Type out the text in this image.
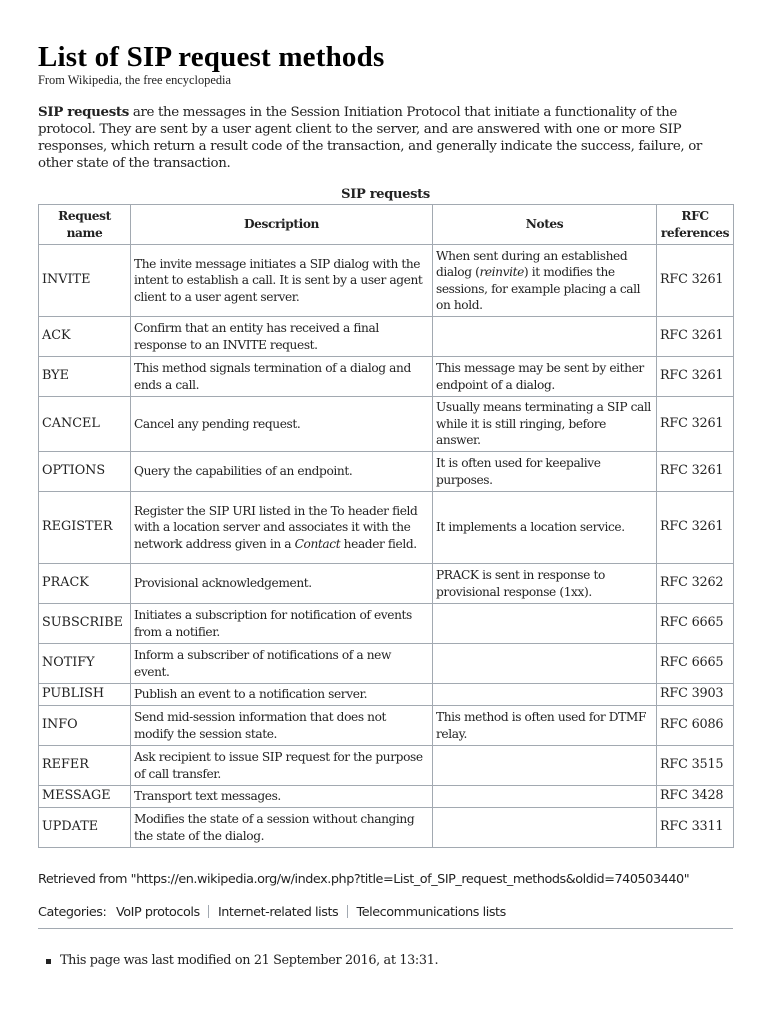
List of SIP request methods
From Wikipedia, the free encyclopedia

SIP requests are the messages in the Session Initiation Protocol that initiate a functionality of the protocol. They are sent by a user agent client to the server, and are answered with one or more SIP responses, which return a result code of the transaction, and generally indicate the success, failure, or other state of the transaction.

SIP requests
Request name	Description	Notes	RFC references
INVITE	The invite message initiates a SIP dialog with the intent to establish a call. It is sent by a user agent client to a user agent server.	When sent during an established dialog (reinvite) it modifies the sessions, for example placing a call on hold.	RFC 3261
ACK	Confirm that an entity has received a final response to an INVITE request.		RFC 3261
BYE	This method signals termination of a dialog and ends a call.	This message may be sent by either endpoint of a dialog.	RFC 3261
CANCEL	Cancel any pending request.	Usually means terminating a SIP call while it is still ringing, before answer.	RFC 3261
OPTIONS	Query the capabilities of an endpoint.	It is often used for keepalive purposes.	RFC 3261
REGISTER	Register the SIP URI listed in the To header field with a location server and associates it with the network address given in a Contact header field.	It implements a location service.	RFC 3261
PRACK	Provisional acknowledgement.	PRACK is sent in response to provisional response (1xx).	RFC 3262
SUBSCRIBE	Initiates a subscription for notification of events from a notifier.		RFC 6665
NOTIFY	Inform a subscriber of notifications of a new event.		RFC 6665
PUBLISH	Publish an event to a notification server.		RFC 3903
INFO	Send mid-session information that does not modify the session state.	This method is often used for DTMF relay.	RFC 6086
REFER	Ask recipient to issue SIP request for the purpose of call transfer.		RFC 3515
MESSAGE	Transport text messages.		RFC 3428
UPDATE	Modifies the state of a session without changing the state of the dialog.		RFC 3311
Retrieved from "https://en.wikipedia.org/w/index.php?title=List_of_SIP_request_methods&oldid=740503440"
Categories: VoIP protocols Internet-related lists Telecommunications lists
This page was last modified on 21 September 2016, at 13:31.
